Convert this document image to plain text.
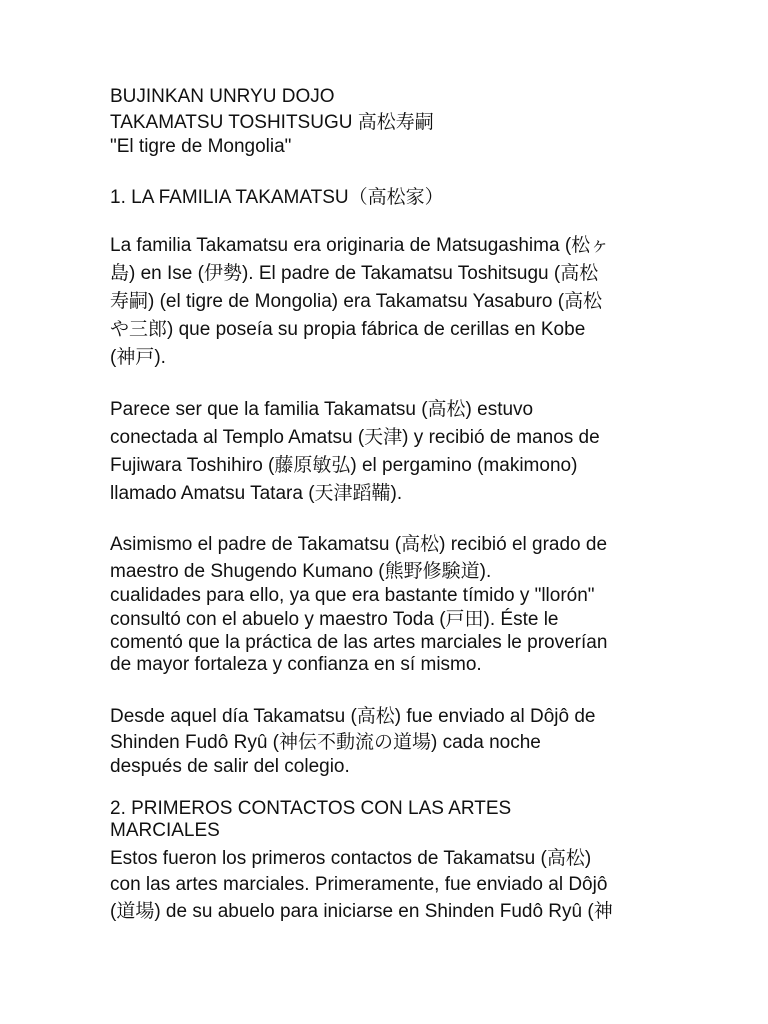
BUJINKAN UNRYU DOJO

TAKAMATSU TOSHITSUGU 高松寿嗣

"El tigre de Mongolia"

1. LA FAMILIA TAKAMATSU（高松家）

La familia Takamatsu era originaria de Matsugashima (松ヶ
島) en Ise (伊勢). El padre de Takamatsu Toshitsugu (高松
寿嗣) (el tigre de Mongolia) era Takamatsu Yasaburo (高松
や三郎) que poseía su propia fábrica de cerillas en Kobe
(神戸).
Parece ser que la familia Takamatsu (高松) estuvo
conectada al Templo Amatsu (天津) y recibió de manos de
Fujiwara Toshihiro (藤原敏弘) el pergamino (makimono)
llamado Amatsu Tatara (天津蹈鞴).
Asimismo el padre de Takamatsu (高松) recibió el grado de
maestro de Shugendo Kumano (熊野修験道).
cualidades para ello, ya que era bastante tímido y "llorón"
consultó con el abuelo y maestro Toda (戸田). Éste le
comentó que la práctica de las artes marciales le proverían
de mayor fortaleza y confianza en sí mismo.
Desde aquel día Takamatsu (高松) fue enviado al Dôjô de
Shinden Fudô Ryû (神伝不動流の道場) cada noche
después de salir del colegio.
2. PRIMEROS CONTACTOS CON LAS ARTES
MARCIALES
Estos fueron los primeros contactos de Takamatsu (高松)
con las artes marciales. Primeramente, fue enviado al Dôjô
(道場) de su abuelo para iniciarse en Shinden Fudô Ryû (神
